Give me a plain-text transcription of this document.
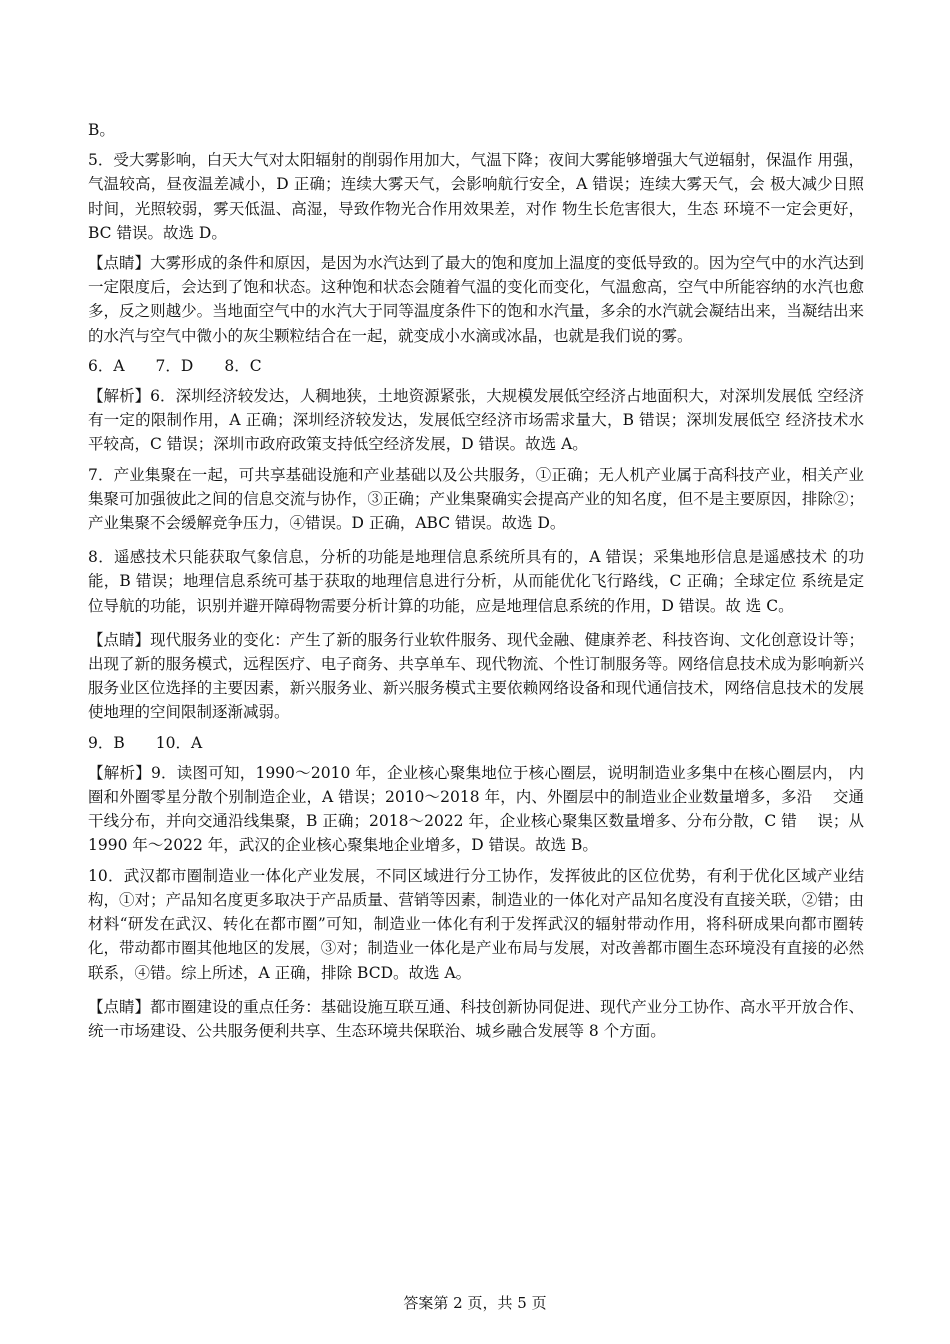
B。

5．受大雾影响，白天大气对太阳辐射的削弱作用加大，气温下降；夜间大雾能够增强大气逆辐射，保温作 用强，气温较高，昼夜温差减小，D 正确；连续大雾天气，会影响航行安全，A 错误；连续大雾天气，会 极大减少日照时间，光照较弱，雾天低温、高湿，导致作物光合作用效果差，对作 物生长危害很大，生态 环境不一定会更好，BC 错误。故选 D。

【点睛】大雾形成的条件和原因，是因为水汽达到了最大的饱和度加上温度的变低导致的。因为空气中的水汽达到一定限度后，会达到了饱和状态。这种饱和状态会随着气温的变化而变化，气温愈高，空气中所能容纳的水汽也愈多，反之则越少。当地面空气中的水汽大于同等温度条件下的饱和水汽量，多余的水汽就会凝结出来，当凝结出来的水汽与空气中微小的灰尘颗粒结合在一起，就变成小水滴或冰晶，也就是我们说的雾。

6．A　　7．D　　8．C

【解析】6．深圳经济较发达，人稠地狭，土地资源紧张，大规模发展低空经济占地面积大，对深圳发展低 空经济有一定的限制作用，A 正确；深圳经济较发达，发展低空经济市场需求量大，B 错误；深圳发展低空 经济技术水平较高，C 错误；深圳市政府政策支持低空经济发展，D 错误。故选 A。

7．产业集聚在一起，可共享基础设施和产业基础以及公共服务，①正确；无人机产业属于高科技产业，相关产业集聚可加强彼此之间的信息交流与协作，③正确；产业集聚确实会提高产业的知名度，但不是主要原因，排除②；产业集聚不会缓解竞争压力，④错误。D 正确，ABC 错误。故选 D。

8．遥感技术只能获取气象信息，分析的功能是地理信息系统所具有的，A 错误；采集地形信息是遥感技术 的功能，B 错误；地理信息系统可基于获取的地理信息进行分析，从而能优化飞行路线，C 正确；全球定位 系统是定位导航的功能，识别并避开障碍物需要分析计算的功能，应是地理信息系统的作用，D 错误。故 选 C。

【点睛】现代服务业的变化：产生了新的服务行业软件服务、现代金融、健康养老、科技咨询、文化创意设计等；出现了新的服务模式，远程医疗、电子商务、共享单车、现代物流、个性订制服务等。网络信息技术成为影响新兴服务业区位选择的主要因素，新兴服务业、新兴服务模式主要依赖网络设备和现代通信技术，网络信息技术的发展使地理的空间限制逐渐减弱。

9．B　　10．A

【解析】9．读图可知，1990～2010 年，企业核心聚集地位于核心圈层，说明制造业多集中在核心圈层内， 内圈和外圈零星分散个别制造企业，A 错误；2010～2018 年，内、外圈层中的制造业企业数量增多，多沿　 交通干线分布，并向交通沿线集聚，B 正确；2018～2022 年，企业核心聚集区数量增多、分布分散，C 错　 误；从 1990 年～2022 年，武汉的企业核心聚集地企业增多，D 错误。故选 B。

10．武汉都市圈制造业一体化产业发展，不同区域进行分工协作，发挥彼此的区位优势，有利于优化区域产业结构，①对；产品知名度更多取决于产品质量、营销等因素，制造业的一体化对产品知名度没有直接关联，②错；由材料“研发在武汉、转化在都市圈”可知，制造业一体化有利于发挥武汉的辐射带动作用，将科研成果向都市圈转化，带动都市圈其他地区的发展，③对；制造业一体化是产业布局与发展，对改善都市圈生态环境没有直接的必然联系，④错。综上所述，A 正确，排除 BCD。故选 A。

【点睛】都市圈建设的重点任务：基础设施互联互通、科技创新协同促进、现代产业分工协作、高水平开放合作、统一市场建设、公共服务便利共享、生态环境共保联治、城乡融合发展等 8 个方面。

答案第 2 页，共 5 页
